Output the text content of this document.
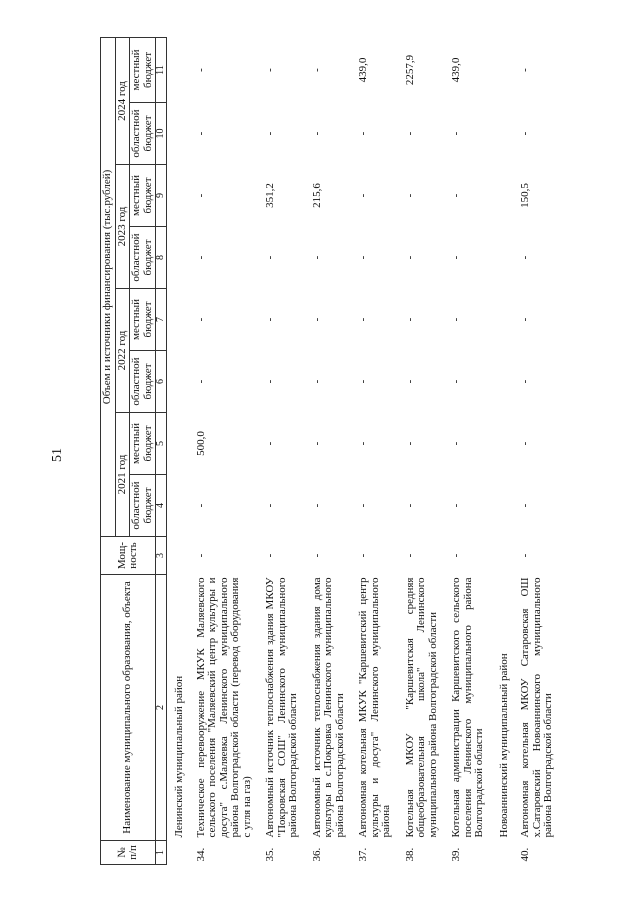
51
№ п/п	Наименование муниципального образования, объекта	Мощ- ность	Объем и источники финансирования (тыс.рублей)							
			2021 год		2022 год		2023 год		2024 год	
			областной бюджет	местный бюджет	областной бюджет	местный бюджет	областной бюджет	местный бюджет	областной бюджет	местный бюджет
1	2	3	4	5	6	7	8	9	10	11
	Ленинский муниципальный район									
34.	Техническое перевооружение МКУК Маляевского сельского поселения "Маляевский центр культуры и досуга" с.Маляевка Ленинского муниципального района Волгоградской области (перевод оборудования с угля на газ)	-	-	500,0	-	-	-	-	-	-
35.	Автономный источник теплоснабжения здания МКОУ "Покровская СОШ" Ленинского муниципального района Волгоградской области	-	-	-	-	-	-	351,2	-	-
36.	Автономный источник теплоснабжения здания дома культуры в с.Покровка Ленинского муниципального района Волгоградской области	-	-	-	-	-	-	215,6	-	-
37.	Автономная котельная МКУК "Каршевитский центр культуры и досуга" Ленинского муниципального района	-	-	-	-	-	-	-	-	439,0
38.	Котельная МКОУ "Каршевитская средняя общеобразовательная школа" Ленинского муниципального района Волгоградской области	-	-	-	-	-	-	-	-	2257,9
39.	Котельная администрации Каршевитского сельского поселения Ленинского муниципального района Волгоградской области	-	-	-	-	-	-	-	-	439,0
	Новоаннинский муниципальный район									
40.	Автономная котельная МКОУ Сатаровская ОШ х.Сатаровский Новоаннинского муниципального района Волгоградской области	-	-	-	-	-	-	150,5	-	-
